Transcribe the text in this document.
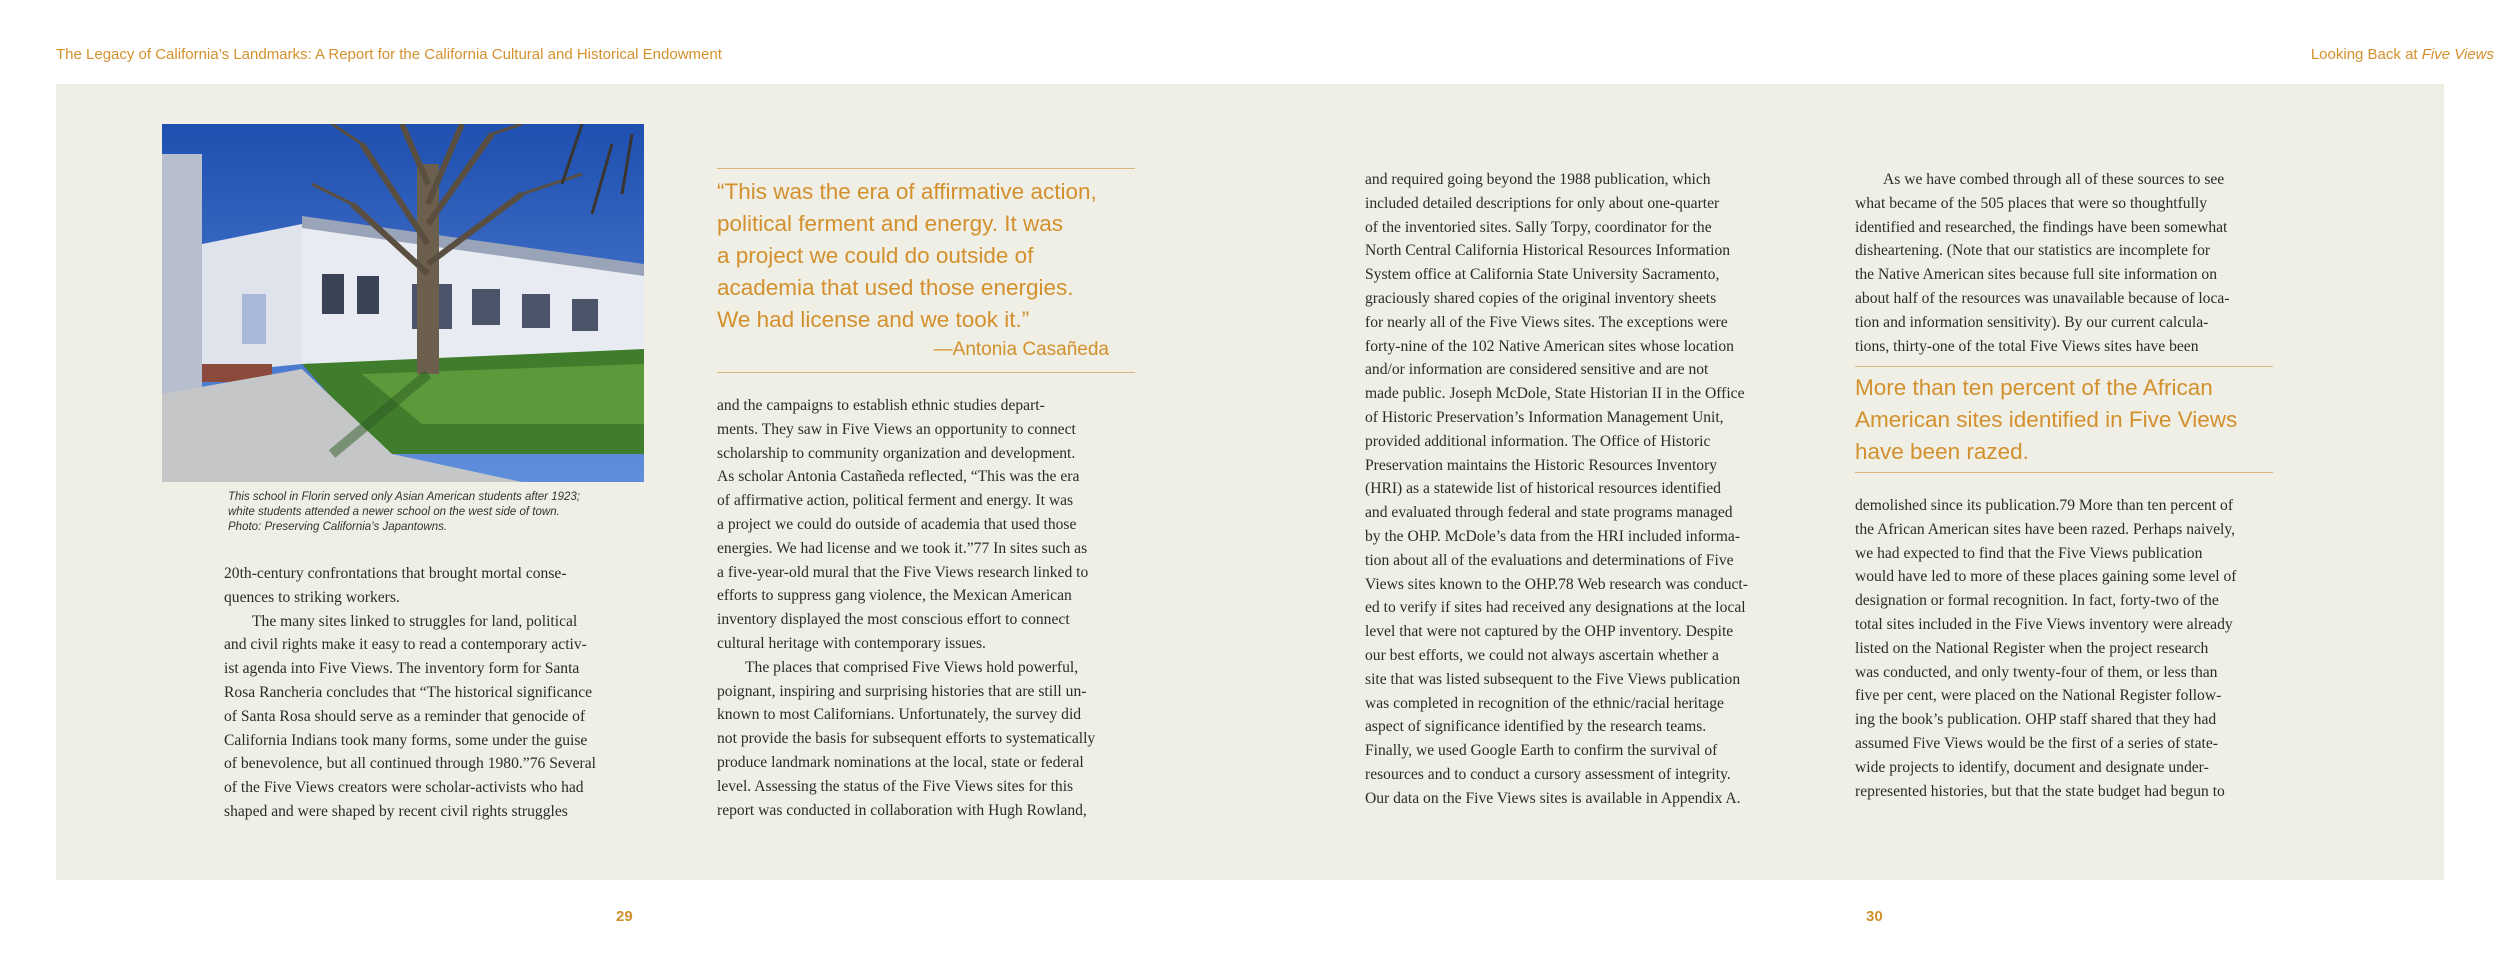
The Legacy of California’s Landmarks: A Report for the California Cultural and Historical Endowment
This school in Florin served only Asian American students after 1923;
white students attended a newer school on the west side of town.
Photo: Preserving California’s Japantowns.
“This was the era of affirmative action,
political ferment and energy. It was
a project we could do outside of
academia that used those energies.
We had license and we took it.”
—Antonia Casañeda

20th-century confrontations that brought mortal conse-
quences to striking workers.

The many sites linked to struggles for land, political
and civil rights make it easy to read a contemporary activ-
ist agenda into Five Views. The inventory form for Santa
Rosa Rancheria concludes that “The historical significance
of Santa Rosa should serve as a reminder that genocide of
California Indians took many forms, some under the guise
of benevolence, but all continued through 1980.”76 Several
of the Five Views creators were scholar-activists who had
shaped and were shaped by recent civil rights struggles

and the campaigns to establish ethnic studies depart-
ments. They saw in Five Views an opportunity to connect
scholarship to community organization and development.
As scholar Antonia Castañeda reflected, “This was the era
of affirmative action, political ferment and energy. It was
a project we could do outside of academia that used those
energies. We had license and we took it.”77 In sites such as
a five-year-old mural that the Five Views research linked to
efforts to suppress gang violence, the Mexican American
inventory displayed the most conscious effort to connect
cultural heritage with contemporary issues.

The places that comprised Five Views hold powerful,
poignant, inspiring and surprising histories that are still un-
known to most Californians. Unfortunately, the survey did
not provide the basis for subsequent efforts to systematically
produce landmark nominations at the local, state or federal
level. Assessing the status of the Five Views sites for this
report was conducted in collaboration with Hugh Rowland,

29
Looking Back at Five Views

and required going beyond the 1988 publication, which
included detailed descriptions for only about one-quarter
of the inventoried sites. Sally Torpy, coordinator for the
North Central California Historical Resources Information
System office at California State University Sacramento,
graciously shared copies of the original inventory sheets
for nearly all of the Five Views sites. The exceptions were
forty-nine of the 102 Native American sites whose location
and/or information are considered sensitive and are not
made public. Joseph McDole, State Historian II in the Office
of Historic Preservation’s Information Management Unit,
provided additional information. The Office of Historic
Preservation maintains the Historic Resources Inventory
(HRI) as a statewide list of historical resources identified
and evaluated through federal and state programs managed
by the OHP. McDole’s data from the HRI included informa-
tion about all of the evaluations and determinations of Five
Views sites known to the OHP.78 Web research was conduct-
ed to verify if sites had received any designations at the local
level that were not captured by the OHP inventory. Despite
our best efforts, we could not always ascertain whether a
site that was listed subsequent to the Five Views publication
was completed in recognition of the ethnic/racial heritage
aspect of significance identified by the research teams.
Finally, we used Google Earth to confirm the survival of
resources and to conduct a cursory assessment of integrity.
Our data on the Five Views sites is available in Appendix A.

As we have combed through all of these sources to see
what became of the 505 places that were so thoughtfully
identified and researched, the findings have been somewhat
disheartening. (Note that our statistics are incomplete for
the Native American sites because full site information on
about half of the resources was unavailable because of loca-
tion and information sensitivity). By our current calcula-
tions, thirty-one of the total Five Views sites have been

More than ten percent of the African
American sites identified in Five Views
have been razed.

demolished since its publication.79 More than ten percent of
the African American sites have been razed. Perhaps naively,
we had expected to find that the Five Views publication
would have led to more of these places gaining some level of
designation or formal recognition. In fact, forty-two of the
total sites included in the Five Views inventory were already
listed on the National Register when the project research
was conducted, and only twenty-four of them, or less than
five per cent, were placed on the National Register follow-
ing the book’s publication. OHP staff shared that they had
assumed Five Views would be the first of a series of state-
wide projects to identify, document and designate under-
represented histories, but that the state budget had begun to

30
